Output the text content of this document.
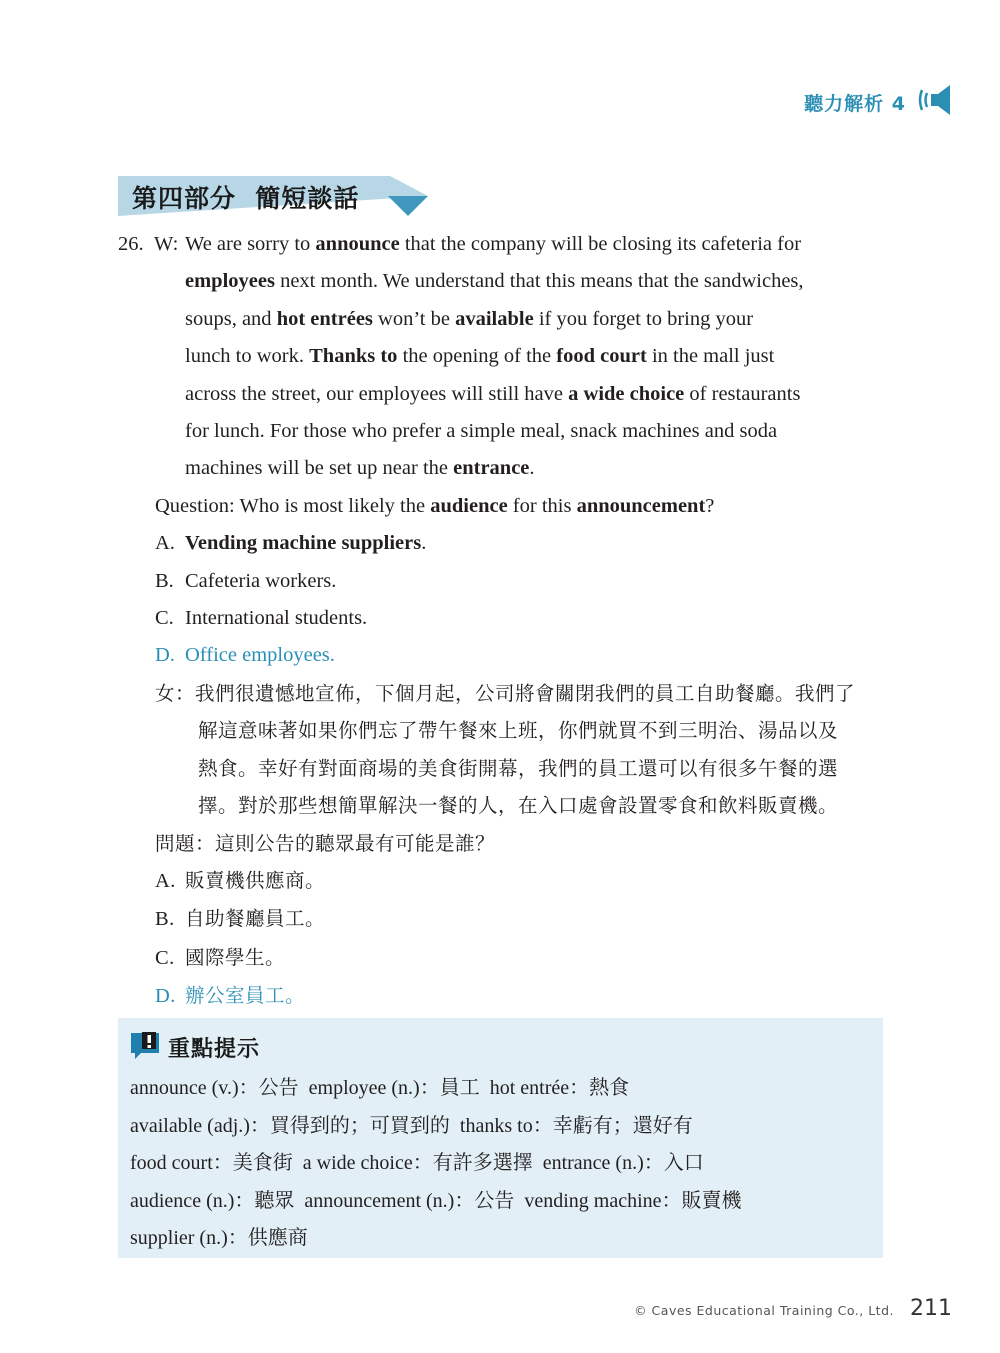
聽力解析 4
第四部分  簡短談話
26. W:We are sorry to announce that the company will be closing its cafeteria for
employees next month. We understand that this means that the sandwiches,
soups, and hot entrées won’t be available if you forget to bring your
lunch to work. Thanks to the opening of the food court in the mall just
across the street, our employees will still have a wide choice of restaurants
for lunch. For those who prefer a simple meal, snack machines and soda
machines will be set up near the entrance.
Question: Who is most likely the audience for this announcement?
A. Vending machine suppliers.
B. Cafeteria workers.
C. International students.
D. Office employees.
女：我們很遺憾地宣佈，下個月起，公司將會關閉我們的員工自助餐廳。我們了
解這意味著如果你們忘了帶午餐來上班，你們就買不到三明治、湯品以及
熱食。幸好有對面商場的美食街開幕，我們的員工還可以有很多午餐的選
擇。對於那些想簡單解決一餐的人，在入口處會設置零食和飲料販賣機。
問題：這則公告的聽眾最有可能是誰？
A. 販賣機供應商。
B. 自助餐廳員工。
C. 國際學生。
D. 辦公室員工。
重點提示
announce (v.)：公告  employee (n.)：員工  hot entrée：熱食
available (adj.)：買得到的；可買到的  thanks to：幸虧有；還好有
food court：美食街  a wide choice：有許多選擇  entrance (n.)：入口
audience (n.)：聽眾  announcement (n.)：公告  vending machine：販賣機
supplier (n.)：供應商
© Caves Educational Training Co., Ltd. 211
